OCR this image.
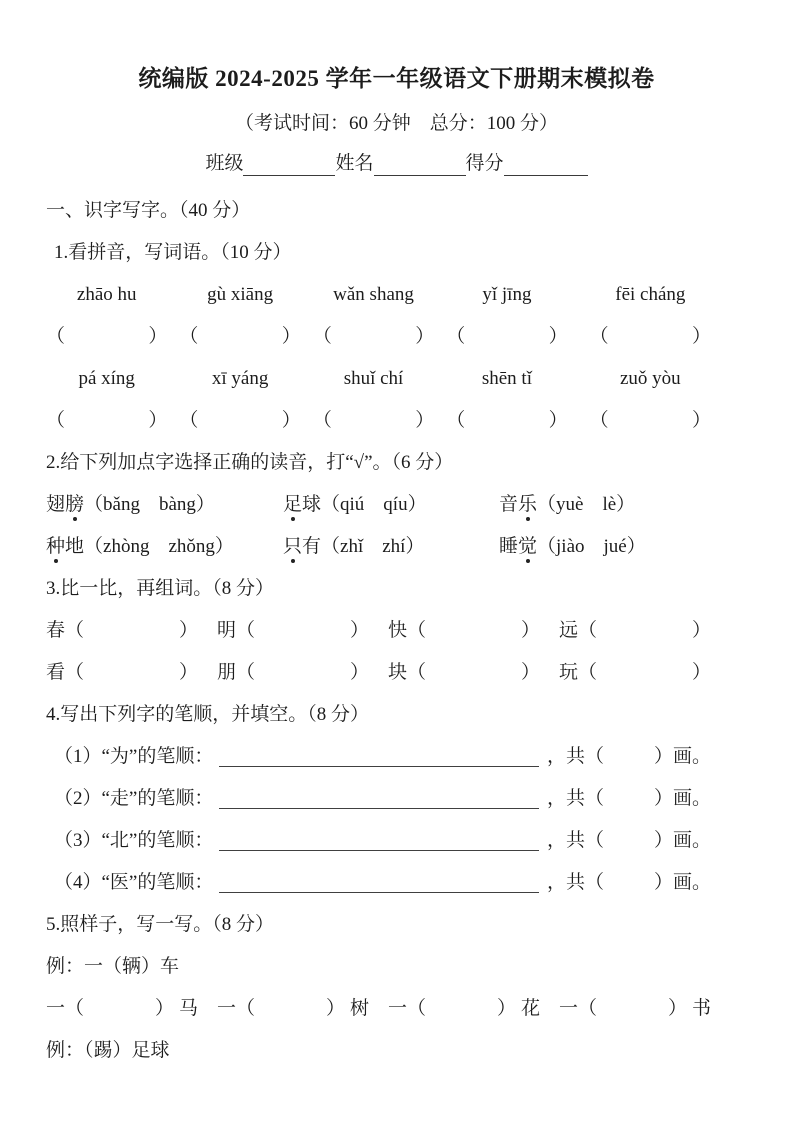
统编版 2024-2025 学年一年级语文下册期末模拟卷
（考试时间：60 分钟　总分：100 分）
班级	姓名	得分
一、识字写字。（40 分）
1.看拼音，写词语。（10 分）
zhāo hu	gù xiāng	wǎn shang	yǐ jīng	fēi cháng
（	） （	） （	） （	） （	）
pá xíng	xī yáng	shuǐ chí	shēn tǐ	zuǒ yòu
（	） （	） （	） （	） （	）
2.给下列加点字选择正确的读音，打“√”。（6 分）
翅膀（bǎng　bàng）	足球（qiú　qíu）	音乐（yuè　lè）
种地（zhòng　zhǒng）	只有（zhǐ　zhí）	睡觉（jiào　jué）
3.比一比，再组词。（8 分）
春 （	） 明 （	） 快 （	） 远 （	）
看 （	） 朋 （	） 块 （	） 玩 （	）
4.写出下列字的笔顺，并填空。（8 分）
（1）“为”的笔顺：	，共（	）画。
（2）“走”的笔顺：	，共（	）画。
（3）“北”的笔顺：	，共（	）画。
（4）“医”的笔顺：	，共（	）画。
5.照样子，写一写。（8 分）
例：一（辆）车
一（	） 马 一（	） 树 一（	） 花 一（	） 书
例：（踢）足球
